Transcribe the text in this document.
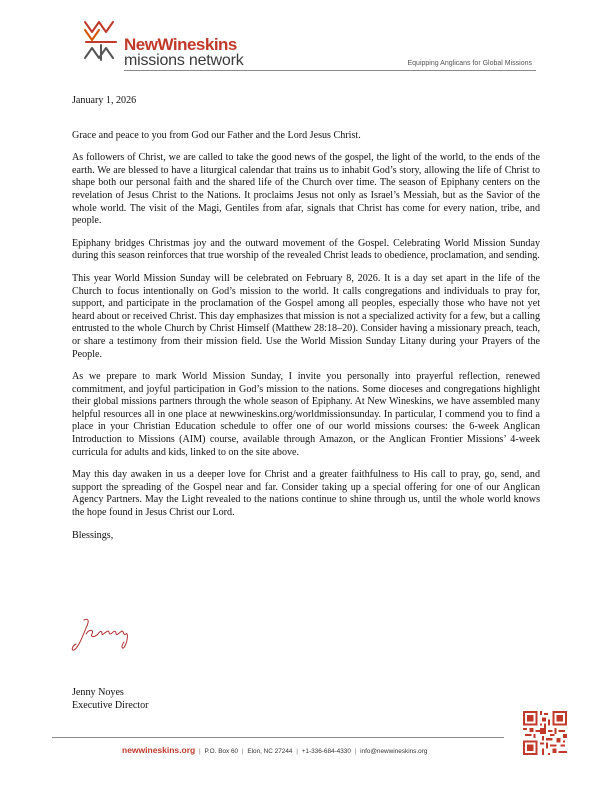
NewWineskins
missions network	Equipping Anglicans for Global Missions

January 1, 2026

Grace and peace to you from God our Father and the Lord Jesus Christ.

As followers of Christ, we are called to take the good news of the gospel, the light of the world, to the ends of the earth. We are blessed to have a liturgical calendar that trains us to inhabit God’s story, allowing the life of Christ to shape both our personal faith and the shared life of the Church over time. The season of Epiphany centers on the revelation of Jesus Christ to the Nations. It proclaims Jesus not only as Israel’s Messiah, but as the Savior of the whole world. The visit of the Magi, Gentiles from afar, signals that Christ has come for every nation, tribe, and people.

Epiphany bridges Christmas joy and the outward movement of the Gospel. Celebrating World Mission Sunday during this season reinforces that true worship of the revealed Christ leads to obedience, proclamation, and sending.

This year World Mission Sunday will be celebrated on February 8, 2026. It is a day set apart in the life of the Church to focus intentionally on God’s mission to the world. It calls congregations and individuals to pray for, support, and participate in the proclamation of the Gospel among all peoples, especially those who have not yet heard about or received Christ. This day emphasizes that mission is not a specialized activity for a few, but a calling entrusted to the whole Church by Christ Himself (Matthew 28:18–20). Consider having a missionary preach, teach, or share a testimony from their mission field. Use the World Mission Sunday Litany during your Prayers of the People.

As we prepare to mark World Mission Sunday, I invite you personally into prayerful reflection, renewed commitment, and joyful participation in God’s mission to the nations. Some dioceses and congregations highlight their global missions partners through the whole season of Epiphany. At New Wineskins, we have assembled many helpful resources all in one place at newwineskins.org/worldmissionsunday. In particular, I commend you to find a place in your Christian Education schedule to offer one of our world missions courses: the 6-week Anglican Introduction to Missions (AIM) course, available through Amazon, or the Anglican Frontier Missions’ 4-week curricula for adults and kids, linked to on the site above.

May this day awaken in us a deeper love for Christ and a greater faithfulness to His call to pray, go, send, and support the spreading of the Gospel near and far. Consider taking up a special offering for one of our Anglican Agency Partners. May the Light revealed to the nations continue to shine through us, until the whole world knows the hope found in Jesus Christ our Lord.

Blessings,

Jenny Noyes
Executive Director
newwineskins.org | P.O. Box 60 | Elon, NC 27244 | +1-336-684-4330 | info@newwineskins.org
